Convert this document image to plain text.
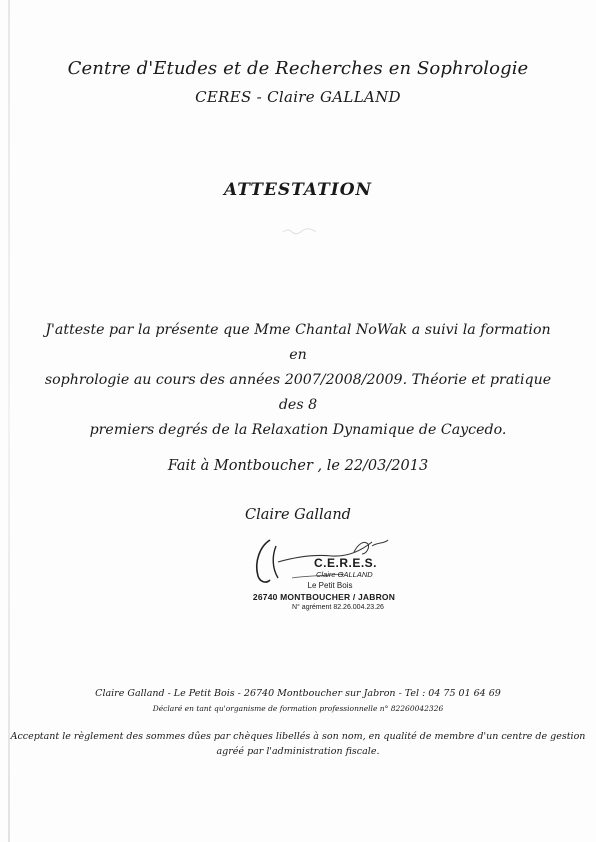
Centre d'Etudes et de Recherches en Sophrologie
CERES - Claire GALLAND
ATTESTATION
J'atteste par la présente que Mme Chantal NoWak a suivi la formation en
sophrologie au cours des années 2007/2008/2009. Théorie et pratique des 8
premiers degrés de la Relaxation Dynamique de Caycedo.
Fait à Montboucher , le 22/03/2013
Claire Galland
C.E.R.E.S.
Claire GALLAND
Le Petit Bois
26740 MONTBOUCHER / JABRON
N° agrément 82.26.004.23.26
Claire Galland - Le Petit Bois - 26740 Montboucher sur Jabron - Tel : 04 75 01 64 69
Déclaré en tant qu'organisme de formation professionnelle n° 82260042326
Acceptant le règlement des sommes dûes par chèques libellés à son nom, en qualité de membre d'un centre de gestion
agréé par l'administration fiscale.
